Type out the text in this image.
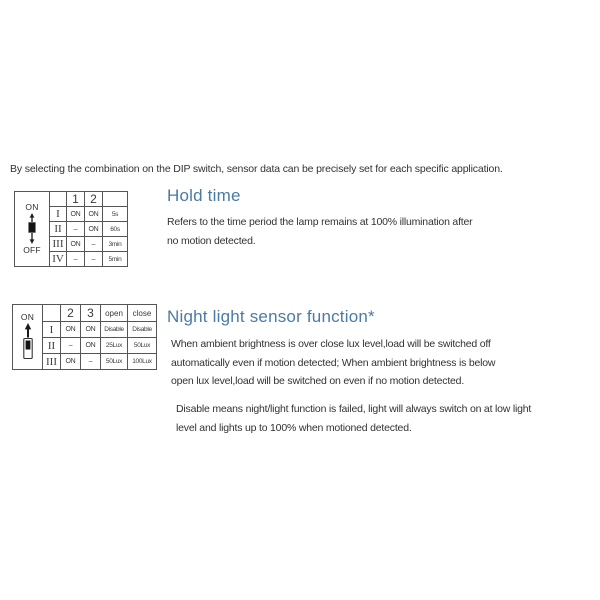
By selecting the combination on the DIP switch, sensor data can be precisely set for each specific application.
ON
OFF		1	2	
	I	ON	ON	5s
	II	–	ON	60s
	III	ON	–	3min
	IV	–	–	5min
Hold time
Refers to the time period the lamp remains at 100% illumination after
no motion detected.
ON		2	3	open	close
	I	ON	ON	Disable	Disable
	II	–	ON	25Lux	50Lux
	III	ON	–	50Lux	100Lux
Night light sensor function*
When ambient brightness is over close lux level,load will be switched off
automatically even if motion detected; When ambient brightness is below
open lux level,load will be switched on even if no motion detected.
Disable means night/light function is failed, light will always switch on at low light
level and lights up to 100% when motioned detected.
